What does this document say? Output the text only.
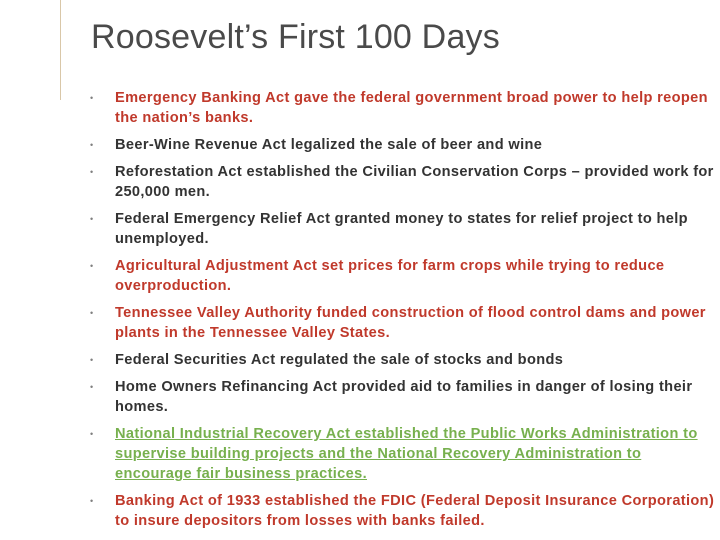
Roosevelt’s First 100 Days
• Emergency Banking Act gave the federal government broad power to help reopen the nation’s banks.
• Beer-Wine Revenue Act legalized the sale of beer and wine
• Reforestation Act established the Civilian Conservation Corps – provided work for 250,000 men.
• Federal Emergency Relief Act granted money to states for relief project to help unemployed.
• Agricultural Adjustment Act set prices for farm crops while trying to reduce overproduction.
• Tennessee Valley Authority funded construction of flood control dams and power plants in the Tennessee Valley States.
• Federal Securities Act regulated the sale of stocks and bonds
• Home Owners Refinancing Act provided aid to families in danger of losing their homes.
• National Industrial Recovery Act established the Public Works Administration to supervise building projects and the National Recovery Administration to encourage fair business practices.
• Banking Act of 1933 established the FDIC (Federal Deposit Insurance Corporation) to insure depositors from losses with banks failed.
